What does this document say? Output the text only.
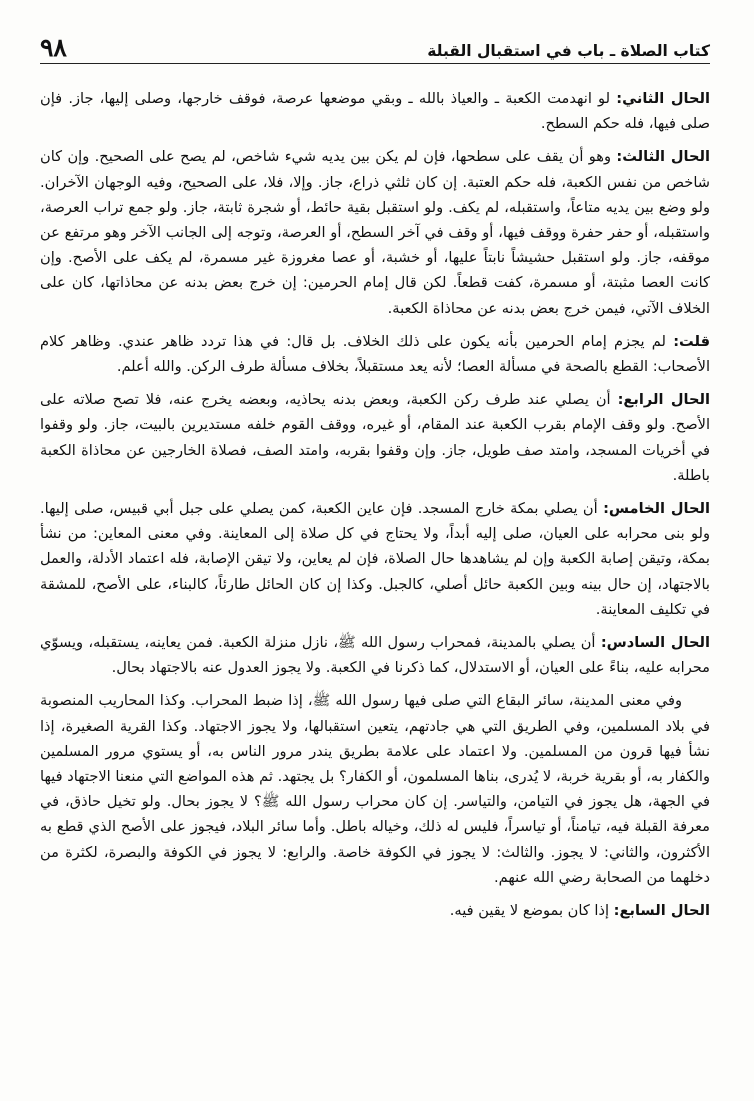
كتاب الصلاة ـ باب في استقبال القبلة
٩٨

الحال الثاني: لو انهدمت الكعبة ـ والعياذ بالله ـ وبقي موضعها عرصة، فوقف خارجها، وصلى إليها، جاز. فإن صلى فيها، فله حكم السطح.

الحال الثالث: وهو أن يقف على سطحها، فإن لم يكن بين يديه شيء شاخص، لم يصح على الصحيح. وإن كان شاخص من نفس الكعبة، فله حكم العتبة. إن كان ثلثي ذراع، جاز. وإلا، فلا، على الصحيح، وفيه الوجهان الآخران. ولو وضع بين يديه متاعاً، واستقبله، لم يكف. ولو استقبل بقية حائط، أو شجرة ثابتة، جاز. ولو جمع تراب العرصة، واستقبله، أو حفر حفرة ووقف فيها، أو وقف في آخر السطح، أو العرصة، وتوجه إلى الجانب الآخر وهو مرتفع عن موقفه، جاز. ولو استقبل حشيشاً نابتاً عليها، أو خشبة، أو عصا مغروزة غير مسمرة، لم يكف على الأصح. وإن كانت العصا مثبتة، أو مسمرة، كفت قطعاً. لكن قال إمام الحرمين: إن خرج بعض بدنه عن محاذاتها، كان على الخلاف الآتي، فيمن خرج بعض بدنه عن محاذاة الكعبة.

قلت: لم يجزم إمام الحرمين بأنه يكون على ذلك الخلاف. بل قال: في هذا تردد ظاهر عندي. وظاهر كلام الأصحاب: القطع بالصحة في مسألة العصا؛ لأنه يعد مستقبلاً، بخلاف مسألة طرف الركن. والله أعلم.

الحال الرابع: أن يصلي عند طرف ركن الكعبة، وبعض بدنه يحاذيه، وبعضه يخرج عنه، فلا تصح صلاته على الأصح. ولو وقف الإمام بقرب الكعبة عند المقام، أو غيره، ووقف القوم خلفه مستديرين بالبيت، جاز. ولو وقفوا في أخريات المسجد، وامتد صف طويل، جاز. وإن وقفوا بقربه، وامتد الصف، فصلاة الخارجين عن محاذاة الكعبة باطلة.

الحال الخامس: أن يصلي بمكة خارج المسجد. فإن عاين الكعبة، كمن يصلي على جبل أبي قبيس، صلى إليها. ولو بنى محرابه على العيان، صلى إليه أبداً، ولا يحتاج في كل صلاة إلى المعاينة. وفي معنى المعاين: من نشأ بمكة، وتيقن إصابة الكعبة وإن لم يشاهدها حال الصلاة، فإن لم يعاين، ولا تيقن الإصابة، فله اعتماد الأدلة، والعمل بالاجتهاد، إن حال بينه وبين الكعبة حائل أصلي، كالجبل. وكذا إن كان الحائل طارئاً، كالبناء، على الأصح، للمشقة في تكليف المعاينة.

الحال السادس: أن يصلي بالمدينة، فمحراب رسول الله ﷺ، نازل منزلة الكعبة. فمن يعاينه، يستقبله، ويسوّي محرابه عليه، بناءً على العيان، أو الاستدلال، كما ذكرنا في الكعبة. ولا يجوز العدول عنه بالاجتهاد بحال.

وفي معنى المدينة، سائر البقاع التي صلى فيها رسول الله ﷺ، إذا ضبط المحراب. وكذا المحاريب المنصوبة في بلاد المسلمين، وفي الطريق التي هي جادتهم، يتعين استقبالها، ولا يجوز الاجتهاد. وكذا القرية الصغيرة، إذا نشأ فيها قرون من المسلمين. ولا اعتماد على علامة بطريق يندر مرور الناس به، أو يستوي مرور المسلمين والكفار به، أو بقرية خربة، لا يُدرى، بناها المسلمون، أو الكفار؟ بل يجتهد. ثم هذه المواضع التي منعنا الاجتهاد فيها في الجهة، هل يجوز في التيامن، والتياسر. إن كان محراب رسول الله ﷺ؟ لا يجوز بحال. ولو تخيل حاذق، في معرفة القبلة فيه، تيامناً، أو تياسراً، فليس له ذلك، وخياله باطل. وأما سائر البلاد، فيجوز على الأصح الذي قطع به الأكثرون، والثاني: لا يجوز. والثالث: لا يجوز في الكوفة خاصة. والرابع: لا يجوز في الكوفة والبصرة، لكثرة من دخلهما من الصحابة رضي الله عنهم.

الحال السابع: إذا كان بموضع لا يقين فيه.
